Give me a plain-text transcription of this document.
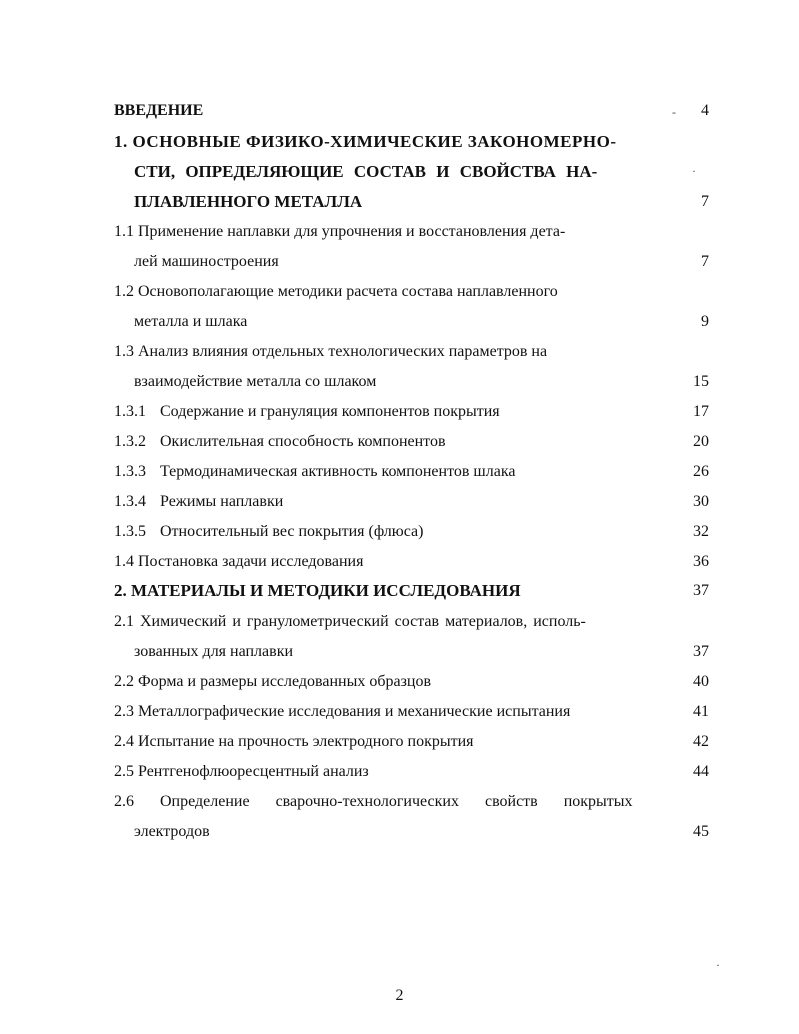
ВВЕДЕНИЕ	-	4
1. ОСНОВНЫЕ ФИЗИКО-ХИМИЧЕСКИЕ ЗАКОНОМЕРНО-
СТИ, ОПРЕДЕЛЯЮЩИЕ СОСТАВ И СВОЙСТВА НА-	·
ПЛАВЛЕННОГО МЕТАЛЛА	7
1.1 Применение наплавки для упрочнения и восстановления дета-
лей машиностроения	7
1.2 Основополагающие методики расчета состава наплавленного
металла и шлака	9
1.3 Анализ влияния отдельных технологических параметров на
взаимодействие металла со шлаком	15
1.3.1 Содержание и грануляция компонентов покрытия	17
1.3.2 Окислительная способность компонентов	20
1.3.3 Термодинамическая активность компонентов шлака	26
1.3.4 Режимы наплавки	30
1.3.5 Относительный вес покрытия (флюса)	32
1.4 Постановка задачи исследования	36
2. МАТЕРИАЛЫ И МЕТОДИКИ ИССЛЕДОВАНИЯ	37
2.1 Химический и гранулометрический состав материалов, исполь-
зованных для наплавки	37
2.2 Форма и размеры исследованных образцов	40
2.3 Металлографические исследования и механические испытания	41
2.4 Испытание на прочность электродного покрытия	42
2.5 Рентгенофлюоресцентный анализ	44
2.6 Определение сварочно-технологических свойств покрытых
электродов	45
·
2
